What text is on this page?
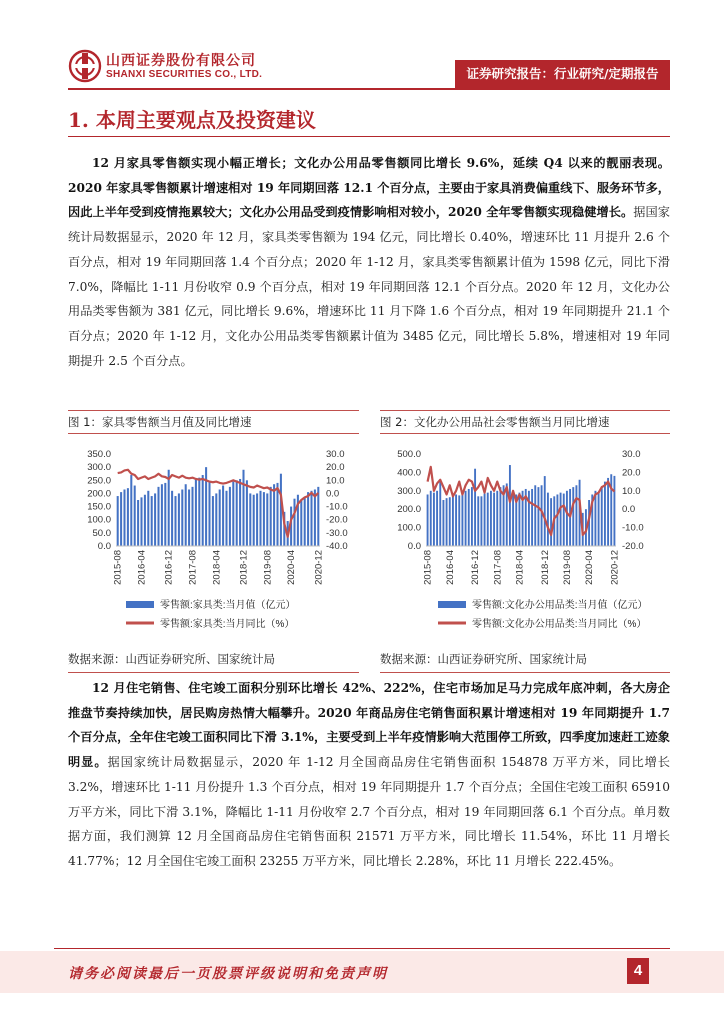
山西证券股份有限公司
SHANXI SECURITIES CO., LTD.	证券研究报告：行业研究/定期报告
1. 本周主要观点及投资建议

12 月家具零售额实现小幅正增长；文化办公用品零售额同比增长 9.6%，延续 Q4 以来的靓丽表现。2020 年家具零售额累计增速相对 19 年同期回落 12.1 个百分点，主要由于家具消费偏重线下、服务环节多，因此上半年受到疫情拖累较大；文化办公用品受到疫情影响相对较小，2020 全年零售额实现稳健增长。据国家统计局数据显示，2020 年 12 月，家具类零售额为 194 亿元，同比增长 0.40%，增速环比 11 月提升 2.6 个百分点，相对 19 年同期回落 1.4 个百分点；2020 年 1-12 月，家具类零售额累计值为 1598 亿元，同比下滑 7.0%，降幅比 1-11 月份收窄 0.9 个百分点，相对 19 年同期回落 12.1 个百分点。2020 年 12 月，文化办公用品类零售额为 381 亿元，同比增长 9.6%，增速环比 11 月下降 1.6 个百分点，相对 19 年同期提升 21.1 个百分点；2020 年 1-12 月，文化办公用品类零售额累计值为 3485 亿元，同比增长 5.8%，增速相对 19 年同期提升 2.5 个百分点。

图 1：家具零售额当月值及同比增速	图 2：文化办公用品社会零售额当月同比增速
350.0
300.0
250.0
200.0
150.0
100.0
50.0
0.0
30.0
20.0
10.0
0.0
-10.0
-20.0
-30.0
-40.0
2015-08 2016-04 2016-12 2017-08 2018-04 2018-12 2019-08 2020-04 2020-12
零售额:家具类:当月值（亿元）
零售额:家具类:当月同比（%）
500.0
400.0
300.0
200.0
100.0
0.0
30.0
20.0
10.0
0.0
-10.0
-20.0
2015-08 2016-04 2016-12 2017-08 2018-04 2018-12 2019-08 2020-04 2020-12
零售额:文化办公用品类:当月值（亿元）
零售额:文化办公用品类:当月同比（%）
数据来源：山西证券研究所、国家统计局	数据来源：山西证券研究所、国家统计局

12 月住宅销售、住宅竣工面积分别环比增长 42%、222%，住宅市场加足马力完成年底冲刺，各大房企推盘节奏持续加快，居民购房热情大幅攀升。2020 年商品房住宅销售面积累计增速相对 19 年同期提升 1.7 个百分点，全年住宅竣工面积同比下滑 3.1%，主要受到上半年疫情影响大范围停工所致，四季度加速赶工迹象明显。据国家统计局数据显示，2020 年 1-12 月全国商品房住宅销售面积 154878 万平方米，同比增长 3.2%，增速环比 1-11 月份提升 1.3 个百分点，相对 19 年同期提升 1.7 个百分点；全国住宅竣工面积 65910 万平方米，同比下滑 3.1%，降幅比 1-11 月份收窄 2.7 个百分点，相对 19 年同期回落 6.1 个百分点。单月数据方面，我们测算 12 月全国商品房住宅销售面积 21571 万平方米，同比增长 11.54%，环比 11 月增长 41.77%；12 月全国住宅竣工面积 23255 万平方米，同比增长 2.28%，环比 11 月增长 222.45%。

请务必阅读最后一页股票评级说明和免责声明	4
